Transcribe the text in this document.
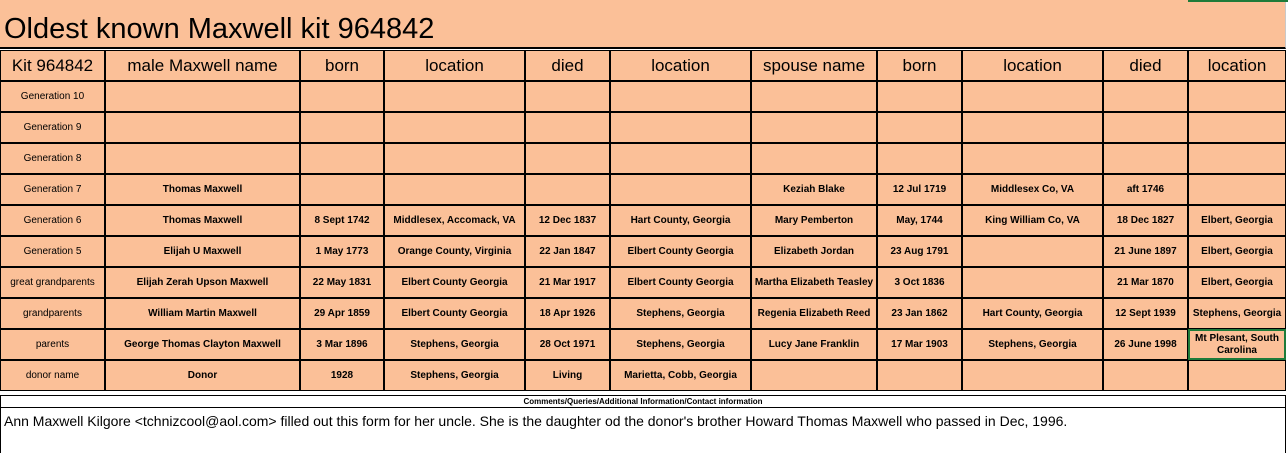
Oldest known Maxwell kit 964842
Kit 964842	male Maxwell name	born	location	died	location	spouse name	born	location	died	location
Generation 10										
Generation 9										
Generation 8										
Generation 7	Thomas Maxwell					Keziah Blake	12 Jul 1719	Middlesex Co, VA	aft 1746	
Generation 6	Thomas Maxwell	8 Sept 1742	Middlesex, Accomack, VA	12 Dec 1837	Hart County, Georgia	Mary Pemberton	May, 1744	King William Co, VA	18 Dec 1827	Elbert, Georgia
Generation 5	Elijah U Maxwell	1 May 1773	Orange County, Virginia	22 Jan 1847	Elbert County Georgia	Elizabeth Jordan	23 Aug 1791		21 June 1897	Elbert, Georgia
great grandparents	Elijah Zerah Upson Maxwell	22 May 1831	Elbert County Georgia	21 Mar 1917	Elbert County Georgia	Martha Elizabeth Teasley	3 Oct 1836		21 Mar 1870	Elbert, Georgia
grandparents	William Martin Maxwell	29 Apr 1859	Elbert County Georgia	18 Apr 1926	Stephens, Georgia	Regenia Elizabeth Reed	23 Jan 1862	Hart County, Georgia	12 Sept 1939	Stephens, Georgia
parents	George Thomas Clayton Maxwell	3 Mar 1896	Stephens, Georgia	28 Oct 1971	Stephens, Georgia	Lucy Jane Franklin	17 Mar 1903	Stephens, Georgia	26 June 1998	Mt Plesant, South Carolina
donor name	Donor	1928	Stephens, Georgia	Living	Marietta, Cobb, Georgia					
Comments/Queries/Additional Information/Contact information
Ann Maxwell Kilgore <tchnizcool@aol.com> filled out this form for her uncle. She is the daughter od the donor's brother Howard Thomas Maxwell who passed in Dec, 1996.
